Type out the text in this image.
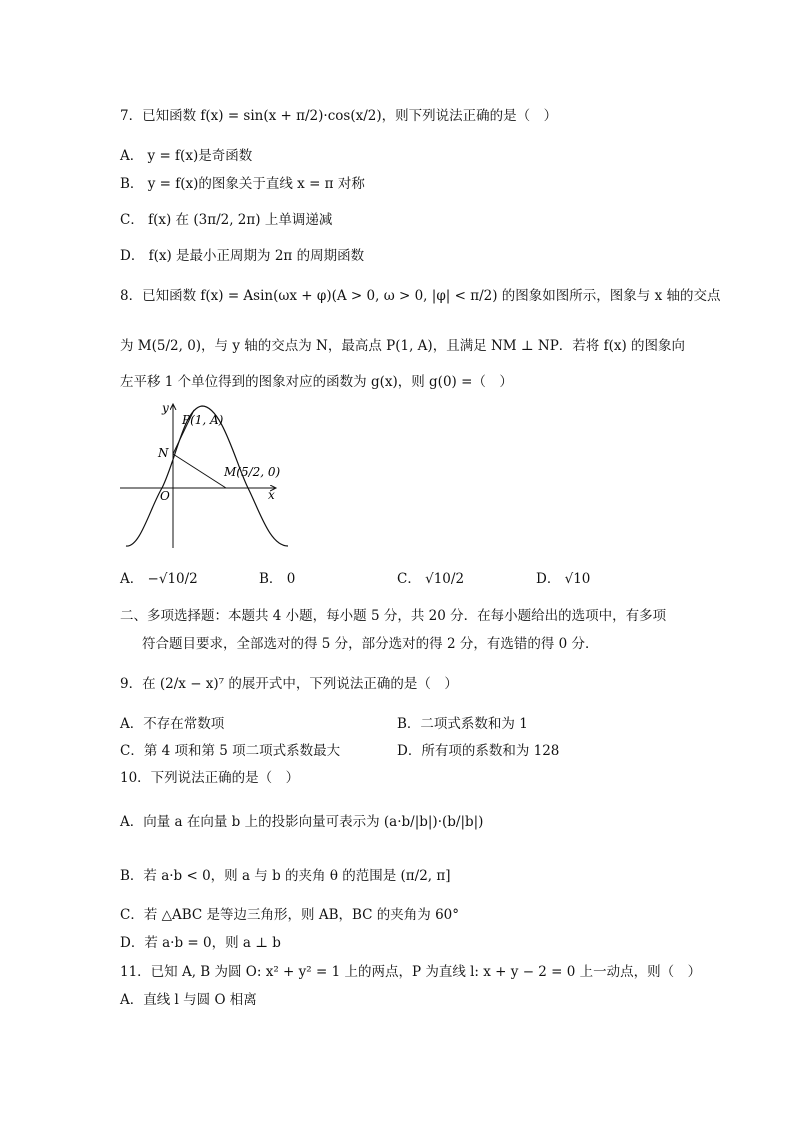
7．已知函数 f(x) = sin(x + π/2)·cos(x/2)，则下列说法正确的是（　）
A． y = f(x)是奇函数
B． y = f(x)的图象关于直线 x = π 对称
C． f(x) 在 (3π/2, 2π) 上单调递减
D． f(x) 是最小正周期为 2π 的周期函数
8．已知函数 f(x) = Asin(ωx + φ)(A > 0, ω > 0, |φ| < π/2) 的图象如图所示，图象与 x 轴的交点
为 M(5/2, 0)，与 y 轴的交点为 N，最高点 P(1, A)，且满足 NM ⊥ NP．若将 f(x) 的图象向
左平移 1 个单位得到的图象对应的函数为 g(x)，则 g(0) =（　）
y
x
P(1, A)
N
O
M(5/2, 0)
A． −√10/2	B． 0	C． √10/2	D． √10
二、多项选择题：本题共 4 小题，每小题 5 分，共 20 分．在每小题给出的选项中，有多项
符合题目要求，全部选对的得 5 分，部分选对的得 2 分，有选错的得 0 分．
9．在 (2/x − x)⁷ 的展开式中，下列说法正确的是（　）
A．不存在常数项	B．二项式系数和为 1
C．第 4 项和第 5 项二项式系数最大	D．所有项的系数和为 128
10．下列说法正确的是（　）
A．向量 a 在向量 b 上的投影向量可表示为 (a·b/|b|)·(b/|b|)
B．若 a·b < 0，则 a 与 b 的夹角 θ 的范围是 (π/2, π]
C．若 △ABC 是等边三角形，则 AB，BC 的夹角为 60°
D．若 a·b = 0，则 a ⊥ b
11．已知 A, B 为圆 O: x² + y² = 1 上的两点，P 为直线 l: x + y − 2 = 0 上一动点，则（　）
A．直线 l 与圆 O 相离
